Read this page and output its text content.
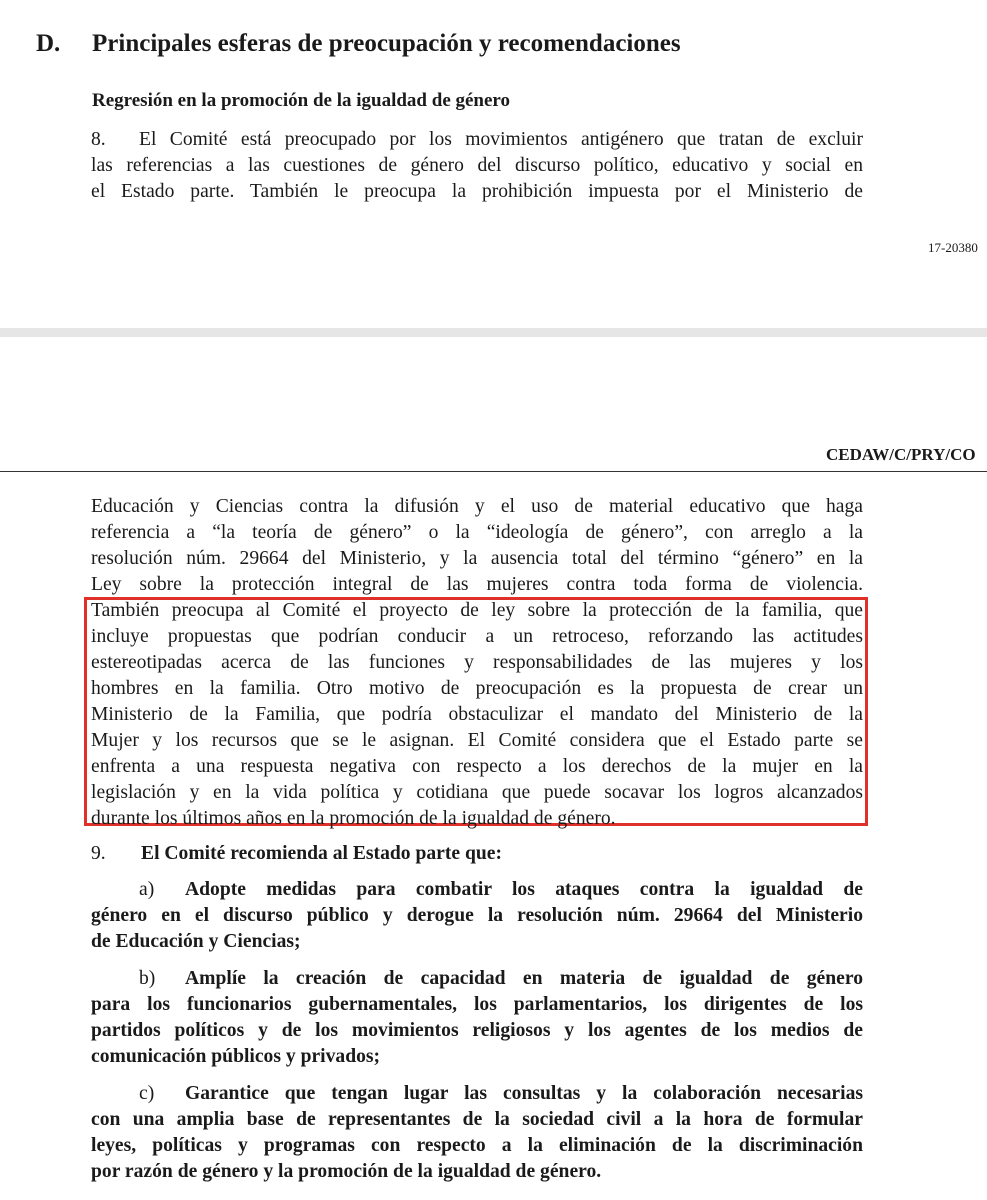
D. Principales esferas de preocupación y recomendaciones
Regresión en la promoción de la igualdad de género
8. El Comité está preocupado por los movimientos antigénero que tratan de excluir
las referencias a las cuestiones de género del discurso político, educativo y social en
el Estado parte. También le preocupa la prohibición impuesta por el Ministerio de
17-20380
CEDAW/C/PRY/CO
Educación y Ciencias contra la difusión y el uso de material educativo que haga
referencia a “la teoría de género” o la “ideología de género”, con arreglo a la
resolución núm. 29664 del Ministerio, y la ausencia total del término “género” en la
Ley sobre la protección integral de las mujeres contra toda forma de violencia.
También preocupa al Comité el proyecto de ley sobre la protección de la familia, que
incluye propuestas que podrían conducir a un retroceso, reforzando las actitudes
estereotipadas acerca de las funciones y responsabilidades de las mujeres y los
hombres en la familia. Otro motivo de preocupación es la propuesta de crear un
Ministerio de la Familia, que podría obstaculizar el mandato del Ministerio de la
Mujer y los recursos que se le asignan. El Comité considera que el Estado parte se
enfrenta a una respuesta negativa con respecto a los derechos de la mujer en la
legislación y en la vida política y cotidiana que puede socavar los logros alcanzados
durante los últimos años en la promoción de la igualdad de género.
9. El Comité recomienda al Estado parte que:
a) Adopte medidas para combatir los ataques contra la igualdad de
género en el discurso público y derogue la resolución núm. 29664 del Ministerio
de Educación y Ciencias;
b) Amplíe la creación de capacidad en materia de igualdad de género
para los funcionarios gubernamentales, los parlamentarios, los dirigentes de los
partidos políticos y de los movimientos religiosos y los agentes de los medios de
comunicación públicos y privados;
c) Garantice que tengan lugar las consultas y la colaboración necesarias
con una amplia base de representantes de la sociedad civil a la hora de formular
leyes, políticas y programas con respecto a la eliminación de la discriminación
por razón de género y la promoción de la igualdad de género.
